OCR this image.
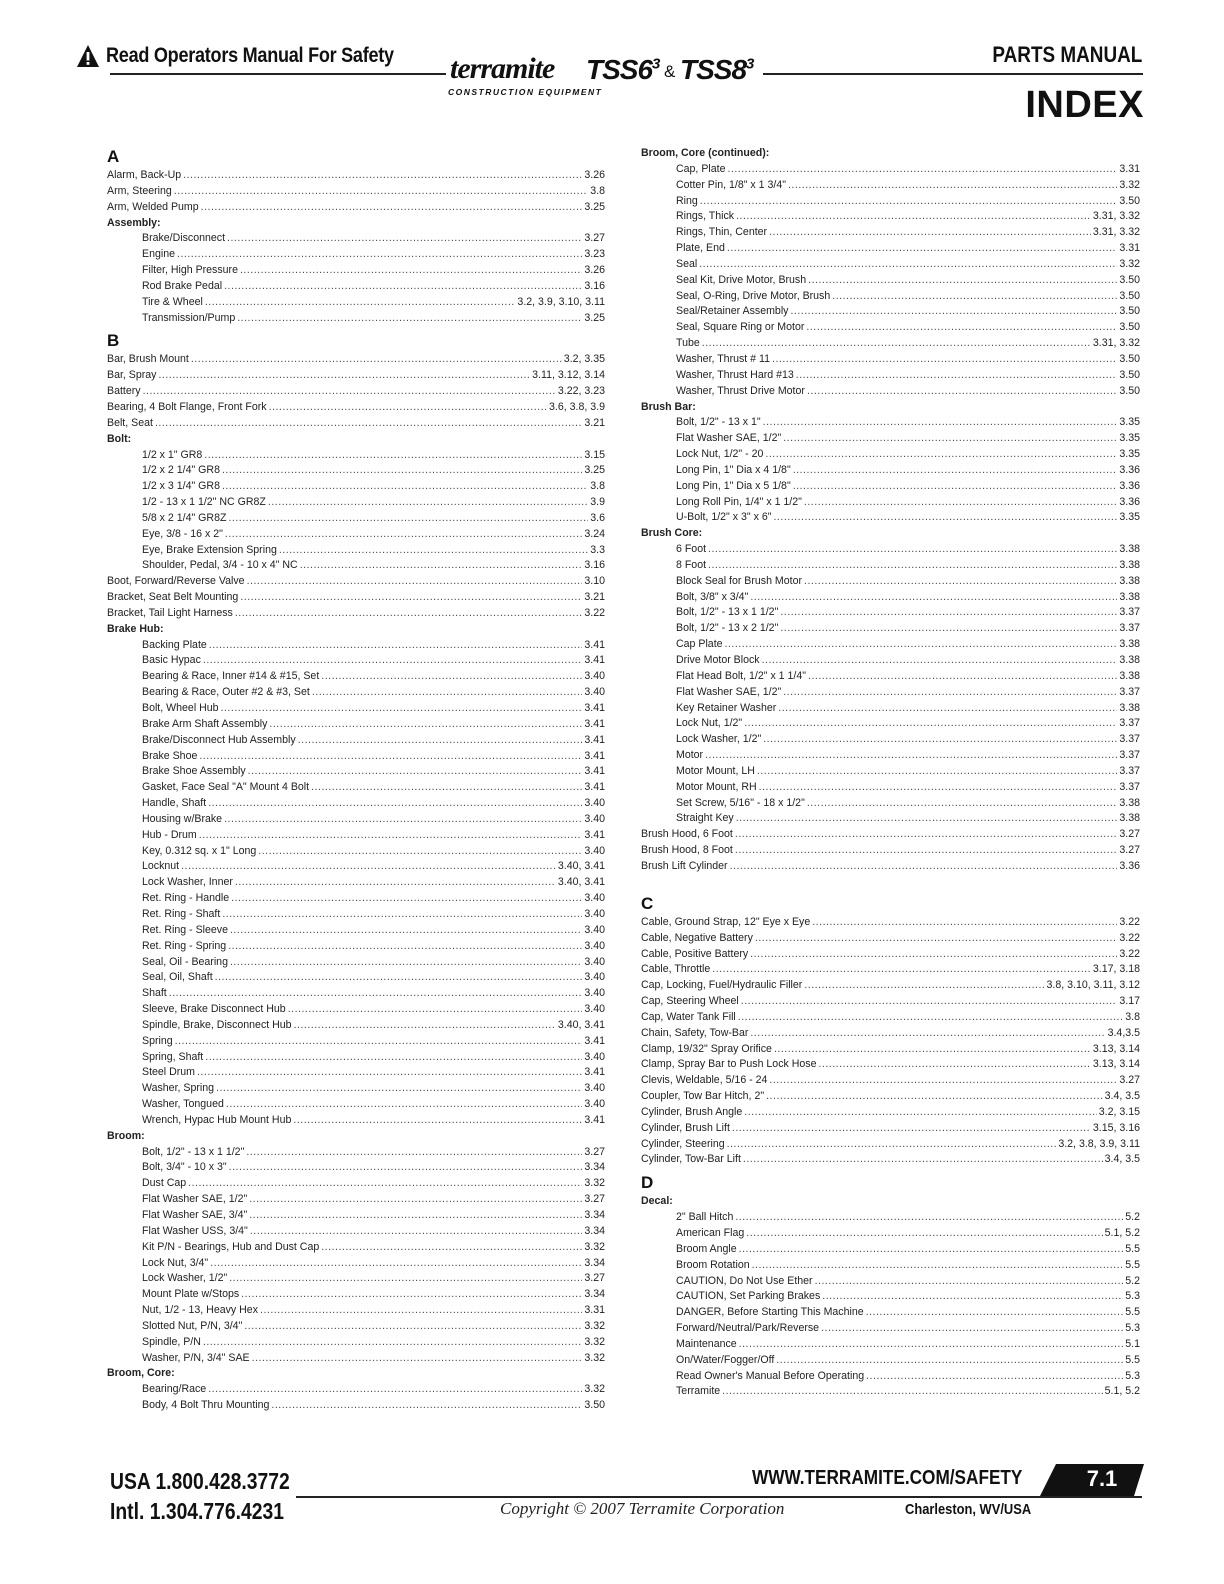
Read Operators Manual For Safety terramite
CONSTRUCTION EQUIPMENT
$TSS6^3$ & $TSS8^3$	PARTS MANUAL
INDEX
A
Alarm, Back-Up .....	3.26
Arm, Steering .....	3.8
Arm, Welded Pump .....	3.25
Assembly:
Brake/Disconnect .....	3.27
Engine .....	3.23
Filter, High Pressure .....	3.26
Rod Brake Pedal .....	3.16
Tire & Wheel .....	3.2, 3.9, 3.10, 3.11
Transmission/Pump .....	3.25
B
Bar, Brush Mount .....	3.2, 3.35
Bar, Spray .....	3.11, 3.12, 3.14
Battery .....	3.22, 3.23
Bearing, 4 Bolt Flange, Front Fork .....	3.6, 3.8, 3.9
Belt, Seat .....	3.21
Bolt:
1/2 x 1" GR8 .....	3.15
1/2 x 2 1/4" GR8 .....	3.25
1/2 x 3 1/4" GR8 .....	3.8
1/2 - 13 x 1 1/2" NC GR8Z .....	3.9
5/8 x 2 1/4" GR8Z .....	3.6
Eye, 3/8 - 16 x 2" .....	3.24
Eye, Brake Extension Spring .....	3.3
Shoulder, Pedal, 3/4 - 10 x 4" NC .....	3.16
Boot, Forward/Reverse Valve .....	3.10
Bracket, Seat Belt Mounting .....	3.21
Bracket, Tail Light Harness .....	3.22
Brake Hub:
Backing Plate .....	3.41
Basic Hypac .....	3.41
Bearing & Race, Inner #14 & #15, Set .....	3.40
Bearing & Race, Outer #2 & #3, Set .....	3.40
Bolt, Wheel Hub .....	3.41
Brake Arm Shaft Assembly .....	3.41
Brake/Disconnect Hub Assembly .....	3.41
Brake Shoe .....	3.41
Brake Shoe Assembly .....	3.41
Gasket, Face Seal "A" Mount 4 Bolt .....	3.41
Handle, Shaft .....	3.40
Housing w/Brake .....	3.40
Hub - Drum .....	3.41
Key, 0.312 sq. x 1" Long .....	3.40
Locknut .....	3.40, 3.41
Lock Washer, Inner .....	3.40, 3.41
Ret. Ring - Handle .....	3.40
Ret. Ring - Shaft .....	3.40
Ret. Ring - Sleeve .....	3.40
Ret. Ring - Spring .....	3.40
Seal, Oil - Bearing .....	3.40
Seal, Oil, Shaft .....	3.40
Shaft .....	3.40
Sleeve, Brake Disconnect Hub .....	3.40
Spindle, Brake, Disconnect Hub .....	3.40, 3.41
Spring .....	3.41
Spring, Shaft .....	3.40
Steel Drum .....	3.41
Washer, Spring .....	3.40
Washer, Tongued .....	3.40
Wrench, Hypac Hub Mount Hub .....	3.41
Broom:
Bolt, 1/2" - 13 x 1 1/2" .....	3.27
Bolt, 3/4" - 10 x 3" .....	3.34
Dust Cap .....	3.32
Flat Washer SAE, 1/2" .....	3.27
Flat Washer SAE, 3/4" .....	3.34
Flat Washer USS, 3/4" .....	3.34
Kit P/N - Bearings, Hub and Dust Cap .....	3.32
Lock Nut, 3/4" .....	3.34
Lock Washer, 1/2" .....	3.27
Mount Plate w/Stops .....	3.34
Nut, 1/2 - 13, Heavy Hex .....	3.31
Slotted Nut, P/N, 3/4" .....	3.32
Spindle, P/N .....	3.32
Washer, P/N, 3/4" SAE .....	3.32
Broom, Core:
Bearing/Race .....	3.32
Body, 4 Bolt Thru Mounting .....	3.50
Broom, Core (continued):
Cap, Plate .....	3.31
Cotter Pin, 1/8" x 1 3/4" .....	3.32
Ring .....	3.50
Rings, Thick .....	3.31, 3.32
Rings, Thin, Center .....	3.31, 3.32
Plate, End .....	3.31
Seal .....	3.32
Seal Kit, Drive Motor, Brush .....	3.50
Seal, O-Ring, Drive Motor, Brush .....	3.50
Seal/Retainer Assembly .....	3.50
Seal, Square Ring or Motor .....	3.50
Tube .....	3.31, 3.32
Washer, Thrust # 11 .....	3.50
Washer, Thrust Hard #13 .....	3.50
Washer, Thrust Drive Motor .....	3.50
Brush Bar:
Bolt, 1/2" - 13 x 1" .....	3.35
Flat Washer SAE, 1/2" .....	3.35
Lock Nut, 1/2" - 20 .....	3.35
Long Pin, 1" Dia x 4 1/8" .....	3.36
Long Pin, 1" Dia x 5 1/8" .....	3.36
Long Roll Pin, 1/4" x 1 1/2" .....	3.36
U-Bolt, 1/2" x 3" x 6" .....	3.35
Brush Core:
6 Foot .....	3.38
8 Foot .....	3.38
Block Seal for Brush Motor .....	3.38
Bolt, 3/8" x 3/4" .....	3.38
Bolt, 1/2" - 13 x 1 1/2" .....	3.37
Bolt, 1/2" - 13 x 2 1/2" .....	3.37
Cap Plate .....	3.38
Drive Motor Block .....	3.38
Flat Head Bolt, 1/2" x 1 1/4" .....	3.38
Flat Washer SAE, 1/2" .....	3.37
Key Retainer Washer .....	3.38
Lock Nut, 1/2" .....	3.37
Lock Washer, 1/2" .....	3.37
Motor .....	3.37
Motor Mount, LH .....	3.37
Motor Mount, RH .....	3.37
Set Screw, 5/16" - 18 x 1/2" .....	3.38
Straight Key .....	3.38
Brush Hood, 6 Foot .....	3.27
Brush Hood, 8 Foot .....	3.27
Brush Lift Cylinder .....	3.36
C
Cable, Ground Strap, 12" Eye x Eye .....	3.22
Cable, Negative Battery .....	3.22
Cable, Positive Battery .....	3.22
Cable, Throttle .....	3.17, 3.18
Cap, Locking, Fuel/Hydraulic Filler .....	3.8, 3.10, 3.11, 3.12
Cap, Steering Wheel .....	3.17
Cap, Water Tank Fill .....	3.8
Chain, Safety, Tow-Bar .....	3.4,3.5
Clamp, 19/32" Spray Orifice .....	3.13, 3.14
Clamp, Spray Bar to Push Lock Hose .....	3.13, 3.14
Clevis, Weldable, 5/16 - 24 .....	3.27
Coupler, Tow Bar Hitch, 2" .....	3.4, 3.5
Cylinder, Brush Angle .....	3.2, 3.15
Cylinder, Brush Lift .....	3.15, 3.16
Cylinder, Steering .....	3.2, 3.8, 3.9, 3.11
Cylinder, Tow-Bar Lift .....	3.4, 3.5
D
Decal:
2" Ball Hitch .....	5.2
American Flag .....	5.1, 5.2
Broom Angle .....	5.5
Broom Rotation .....	5.5
CAUTION, Do Not Use Ether .....	5.2
CAUTION, Set Parking Brakes .....	5.3
DANGER, Before Starting This Machine .....	5.5
Forward/Neutral/Park/Reverse .....	5.3
Maintenance .....	5.1
On/Water/Fogger/Off .....	5.5
Read Owner's Manual Before Operating .....	5.3
Terramite .....	5.1, 5.2
USA 1.800.428.3772
Intl. 1.304.776.4231
WWW.TERRAMITE.COM/SAFETY	7.1
Copyright © 2007 Terramite Corporation	Charleston, WV/USA
